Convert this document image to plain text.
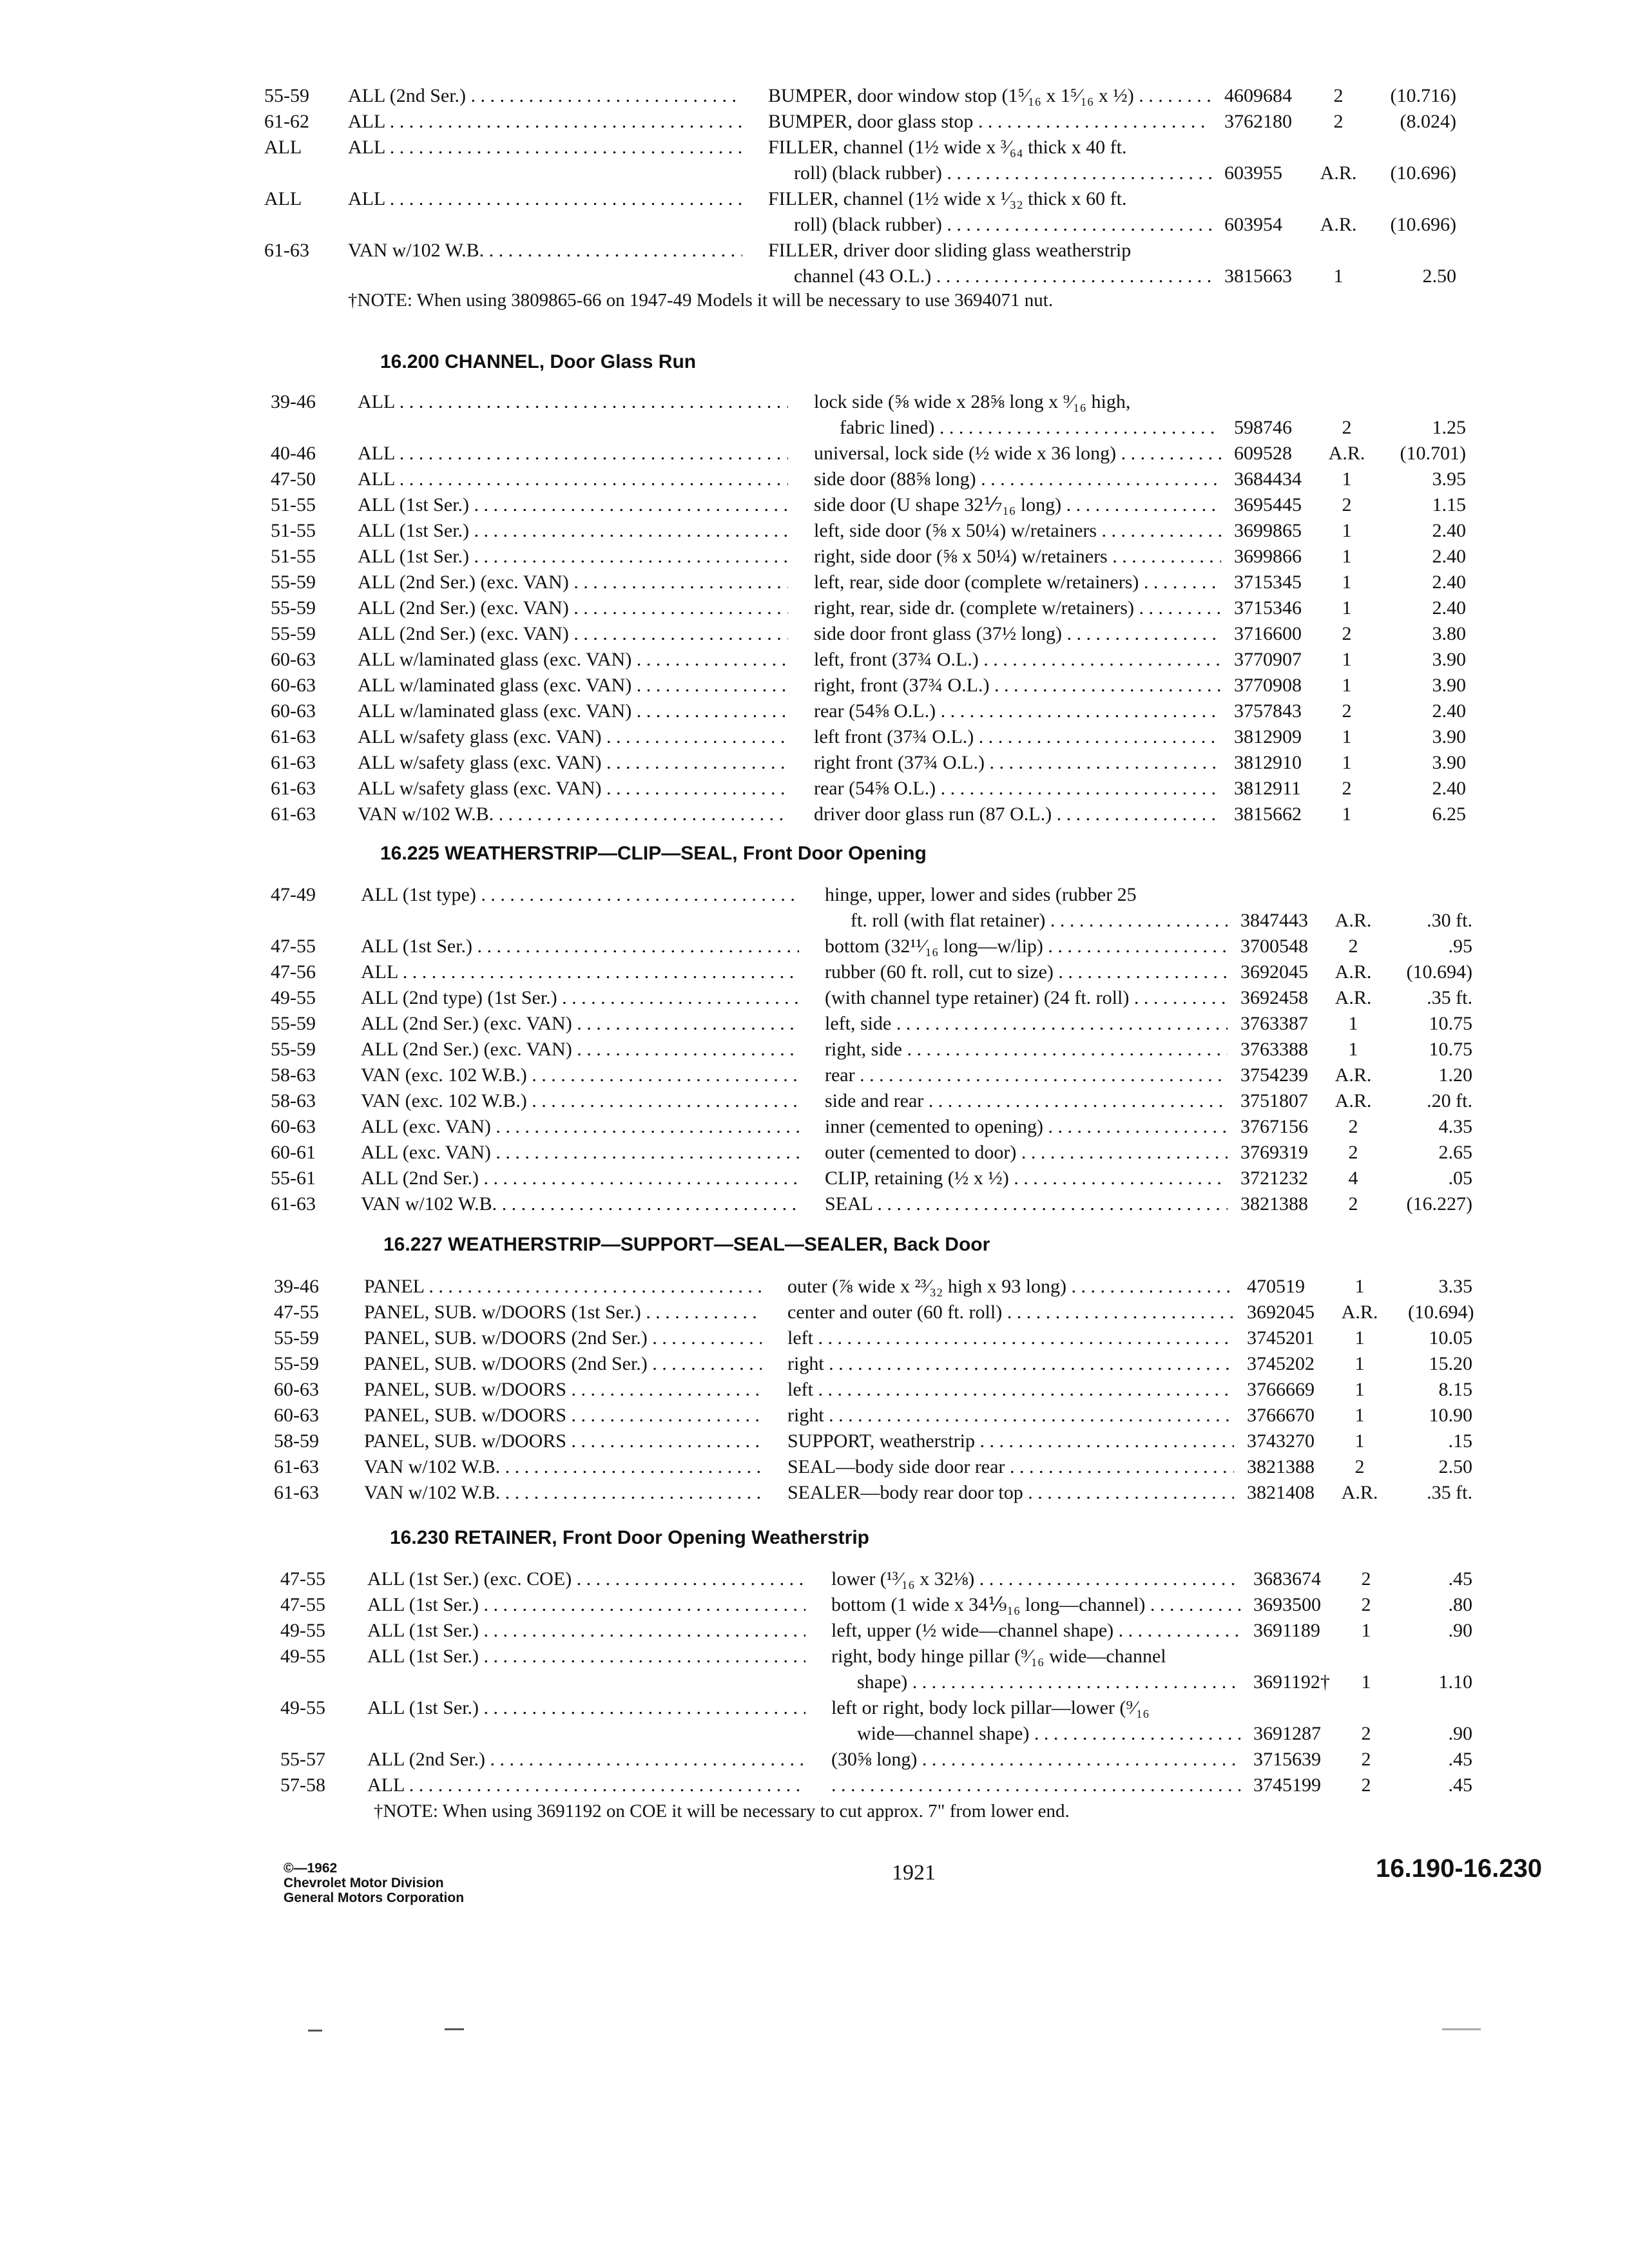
55-59 ALL (2nd Ser.) . . .	BUMPER, door window stop (1⁵⁄₁₆ x 1⁵⁄₁₆ x ½) . . .	4609684	2	(10.716)
61-62 ALL . . .	BUMPER, door glass stop . . .	3762180	2	(8.024)
ALL ALL . . .	FILLER, channel (1½ wide x ³⁄₆₄ thick x 40 ft.
roll) (black rubber) . . .	603955 A.R. (10.696)
ALL ALL . . .	FILLER, channel (1½ wide x ¹⁄₃₂ thick x 60 ft.
roll) (black rubber) . . .	603954 A.R. (10.696)
61-63 VAN w/102 W.B. . . .	FILLER, driver door sliding glass weatherstrip
channel (43 O.L.) . . .	3815663	1	2.50
†NOTE: When using 3809865-66 on 1947-49 Models it will be necessary to use 3694071 nut.
16.200 CHANNEL, Door Glass Run
39-46 ALL . . .	lock side (⅝ wide x 28⅝ long x ⁹⁄₁₆ high,
fabric lined) . . .	598746	2	1.25
40-46 ALL . . .	universal, lock side (½ wide x 36 long) . . .	609528 A.R. (10.701)
47-50 ALL . . .	side door (88⅝ long) . . .	3684434	1	3.95
51-55 ALL (1st Ser.) . . .	side door (U shape 32⅐₁₆ long) . . .	3695445	2	1.15
51-55 ALL (1st Ser.) . . .	left, side door (⅝ x 50¼) w/retainers . . .	3699865	1	2.40
51-55 ALL (1st Ser.) . . .	right, side door (⅝ x 50¼) w/retainers . . .	3699866	1	2.40
55-59 ALL (2nd Ser.) (exc. VAN) . . .	left, rear, side door (complete w/retainers) . . .	3715345	1	2.40
55-59 ALL (2nd Ser.) (exc. VAN) . . .	right, rear, side dr. (complete w/retainers) . . .	3715346	1	2.40
55-59 ALL (2nd Ser.) (exc. VAN) . . .	side door front glass (37½ long) . . .	3716600	2	3.80
60-63 ALL w/laminated glass (exc. VAN) . . .	left, front (37¾ O.L.) . . .	3770907	1	3.90
60-63 ALL w/laminated glass (exc. VAN) . . .	right, front (37¾ O.L.) . . .	3770908	1	3.90
60-63 ALL w/laminated glass (exc. VAN) . . .	rear (54⅝ O.L.) . . .	3757843	2	2.40
61-63 ALL w/safety glass (exc. VAN) . . .	left front (37¾ O.L.) . . .	3812909	1	3.90
61-63 ALL w/safety glass (exc. VAN) . . .	right front (37¾ O.L.) . . .	3812910	1	3.90
61-63 ALL w/safety glass (exc. VAN) . . .	rear (54⅝ O.L.) . . .	3812911	2	2.40
61-63 VAN w/102 W.B. . . .	driver door glass run (87 O.L.) . . .	3815662	1	6.25
16.225 WEATHERSTRIP—CLIP—SEAL, Front Door Opening
47-49 ALL (1st type) . . .	hinge, upper, lower and sides (rubber 25
ft. roll (with flat retainer) . . .	3847443 A.R.	.30 ft.
47-55 ALL (1st Ser.) . . .	bottom (32¹¹⁄₁₆ long—w/lip) . . .	3700548	2	.95
47-56 ALL . . .	rubber (60 ft. roll, cut to size) . . .	3692045 A.R. (10.694)
49-55 ALL (2nd type) (1st Ser.) . . .	(with channel type retainer) (24 ft. roll) . . .	3692458 A.R.	.35 ft.
55-59 ALL (2nd Ser.) (exc. VAN) . . .	left, side . . .	3763387	1	10.75
55-59 ALL (2nd Ser.) (exc. VAN) . . .	right, side . . .	3763388	1	10.75
58-63 VAN (exc. 102 W.B.) . . .	rear . . .	3754239 A.R.	1.20
58-63 VAN (exc. 102 W.B.) . . .	side and rear . . .	3751807 A.R.	.20 ft.
60-63 ALL (exc. VAN) . . .	inner (cemented to opening) . . .	3767156	2	4.35
60-61 ALL (exc. VAN) . . .	outer (cemented to door) . . .	3769319	2	2.65
55-61 ALL (2nd Ser.) . . .	CLIP, retaining (½ x ½) . . .	3721232	4	.05
61-63 VAN w/102 W.B. . . .	SEAL . . .	3821388	2	(16.227)
16.227 WEATHERSTRIP—SUPPORT—SEAL—SEALER, Back Door
39-46 PANEL . . .	outer (⅞ wide x ²³⁄₃₂ high x 93 long) . . .	470519	1	3.35
47-55 PANEL, SUB. w/DOORS (1st Ser.) . . .	center and outer (60 ft. roll) . . .	3692045 A.R. (10.694)
55-59 PANEL, SUB. w/DOORS (2nd Ser.) . . .	left . . .	3745201	1	10.05
55-59 PANEL, SUB. w/DOORS (2nd Ser.) . . .	right . . .	3745202	1	15.20
60-63 PANEL, SUB. w/DOORS . . .	left . . .	3766669	1	8.15
60-63 PANEL, SUB. w/DOORS . . .	right . . .	3766670	1	10.90
58-59 PANEL, SUB. w/DOORS . . .	SUPPORT, weatherstrip . . .	3743270	1	.15
61-63 VAN w/102 W.B. . . .	SEAL—body side door rear . . .	3821388	2	2.50
61-63 VAN w/102 W.B. . . .	SEALER—body rear door top . . .	3821408 A.R.	.35 ft.
16.230 RETAINER, Front Door Opening Weatherstrip
47-55 ALL (1st Ser.) (exc. COE) . . .	lower (¹³⁄₁₆ x 32⅛) . . .	3683674	2	.45
47-55 ALL (1st Ser.) . . .	bottom (1 wide x 34⅑₁₆ long—channel) . . .	3693500	2	.80
49-55 ALL (1st Ser.) . . .	left, upper (½ wide—channel shape) . . .	3691189	1	.90
49-55 ALL (1st Ser.) . . .	right, body hinge pillar (⁹⁄₁₆ wide—channel
shape) . . .	3691192†	1	1.10
49-55 ALL (1st Ser.) . . .	left or right, body lock pillar—lower (⁹⁄₁₆
wide—channel shape) . . .	3691287	2	.90
55-57 ALL (2nd Ser.) . . .	(30⅝ long) . . .	3715639	2	.45
57-58 ALL . . .
. . .	3745199	2	.45
†NOTE: When using 3691192 on COE it will be necessary to cut approx. 7" from lower end.
©—1962
Chevrolet Motor Division
General Motors Corporation
1921	16.190-16.230
